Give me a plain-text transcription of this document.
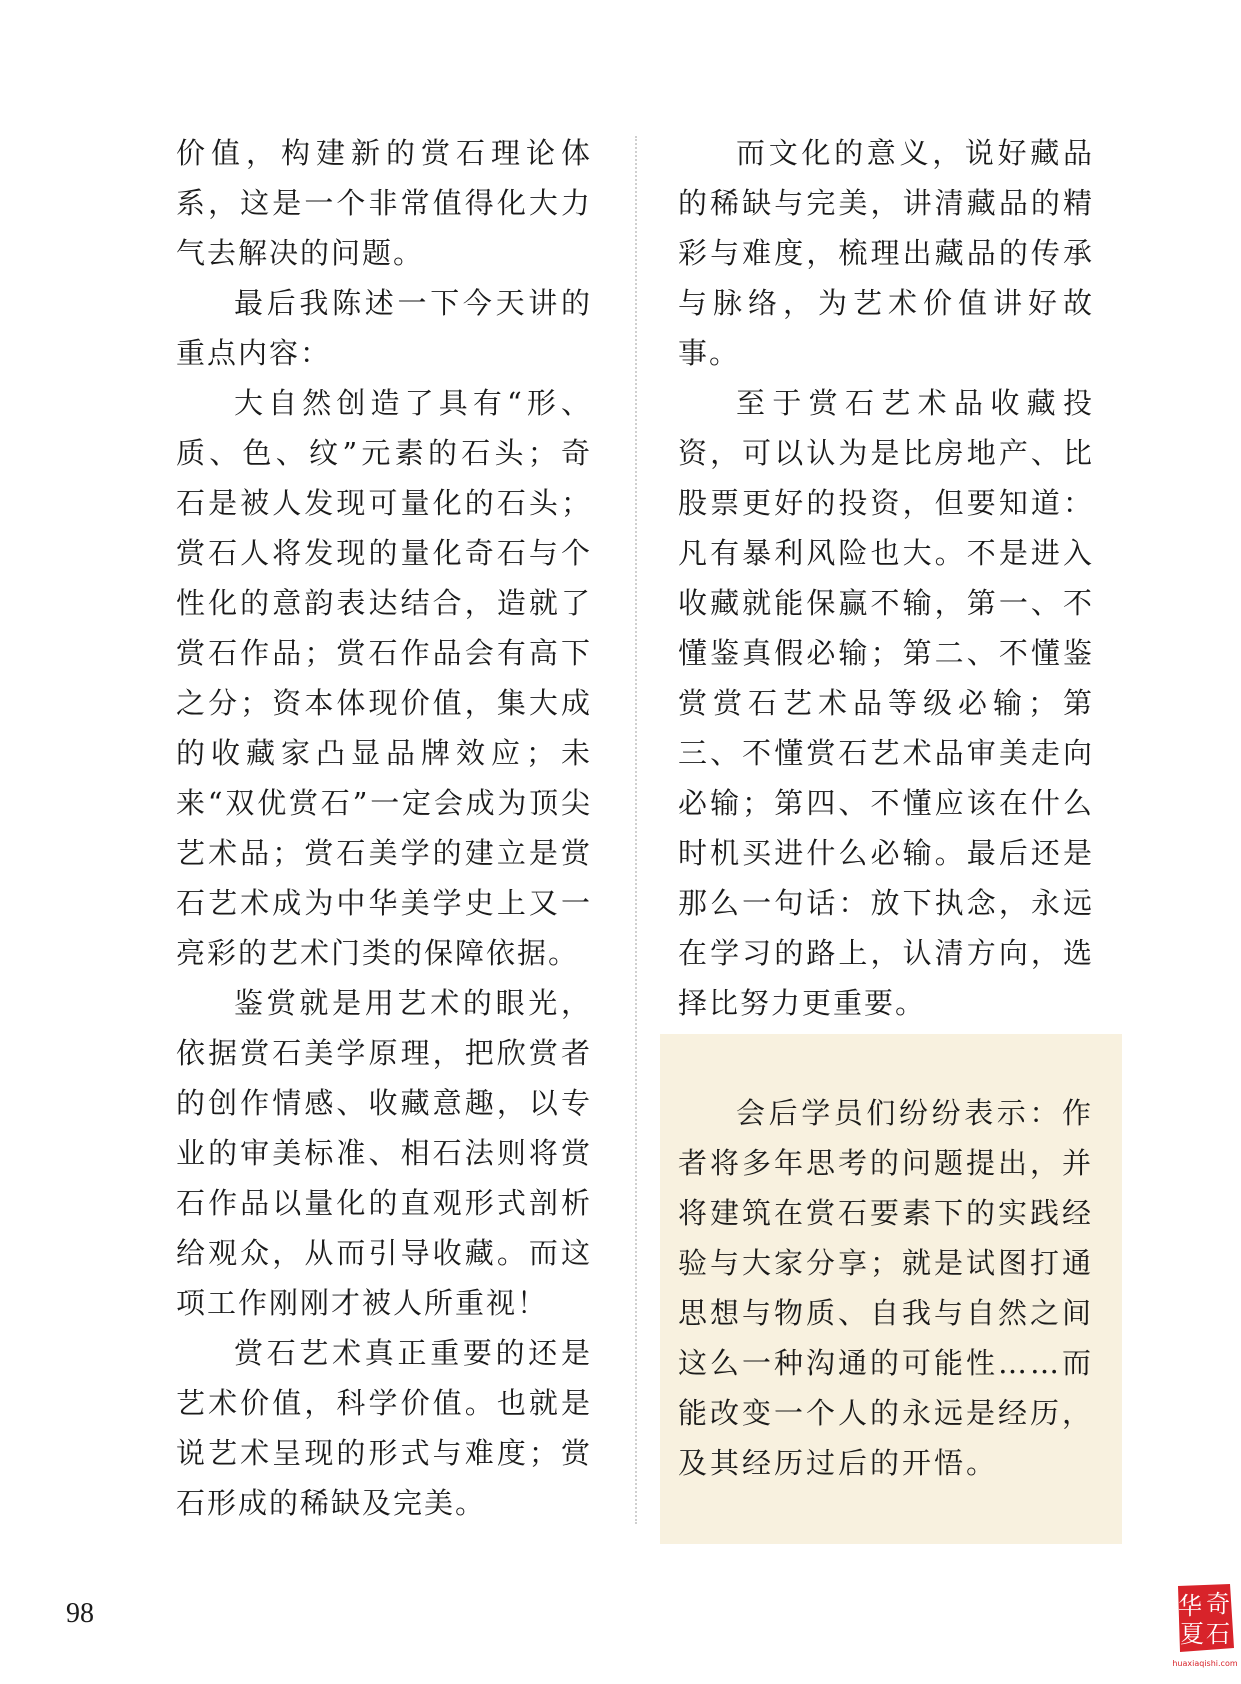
价值，构建新的赏石理论体系，这是一个非常值得化大力气去解决的问题。

最后我陈述一下今天讲的重点内容：

大自然创造了具有“形、质、色、纹”元素的石头；奇石是被人发现可量化的石头；赏石人将发现的量化奇石与个性化的意韵表达结合，造就了赏石作品；赏石作品会有高下之分；资本体现价值，集大成的收藏家凸显品牌效应；未来“双优赏石”一定会成为顶尖艺术品；赏石美学的建立是赏石艺术成为中华美学史上又一亮彩的艺术门类的保障依据。

鉴赏就是用艺术的眼光，依据赏石美学原理，把欣赏者的创作情感、收藏意趣，以专业的审美标准、相石法则将赏石作品以量化的直观形式剖析给观众，从而引导收藏。而这项工作刚刚才被人所重视！

赏石艺术真正重要的还是艺术价值，科学价值。也就是说艺术呈现的形式与难度；赏石形成的稀缺及完美。

而文化的意义，说好藏品的稀缺与完美，讲清藏品的精彩与难度，梳理出藏品的传承与脉络，为艺术价值讲好故事。

至于赏石艺术品收藏投资，可以认为是比房地产、比股票更好的投资，但要知道：凡有暴利风险也大。不是进入收藏就能保赢不输，第一、不懂鉴真假必输；第二、不懂鉴赏赏石艺术品等级必输；第三、不懂赏石艺术品审美走向必输；第四、不懂应该在什么时机买进什么必输。最后还是那么一句话：放下执念，永远在学习的路上，认清方向，选择比努力更重要。

会后学员们纷纷表示：作者将多年思考的问题提出，并将建筑在赏石要素下的实践经验与大家分享；就是试图打通思想与物质、自我与自然之间这么一种沟通的可能性……而能改变一个人的永远是经历，及其经历过后的开悟。

98	华 奇
夏 石
huaxiaqishi.com
